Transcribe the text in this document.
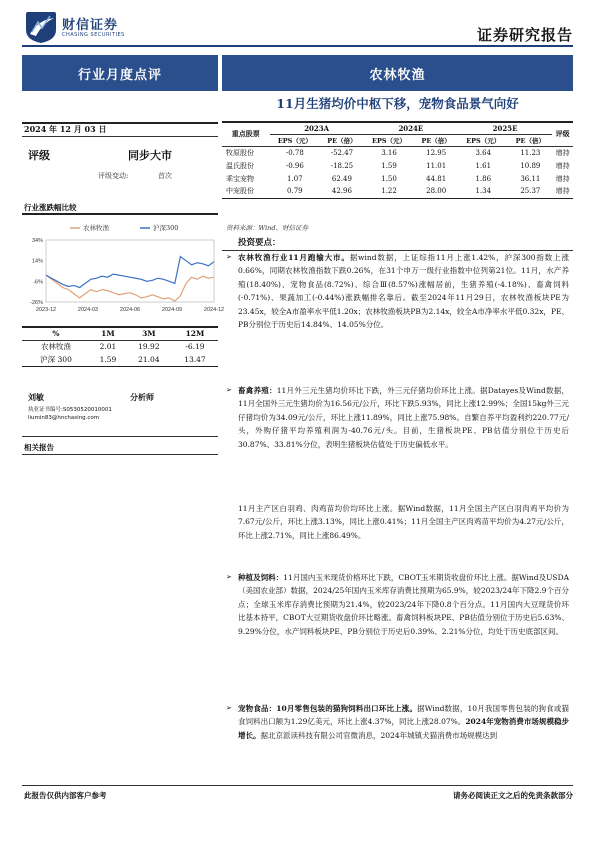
财信证券
CHASING SECURITIES	证券研究报告
行业月度点评	农林牧渔
11月生猪均价中枢下移，宠物食品景气向好
2024 年 12 月 03 日
评级	同步大市
评级变动:	首次
行业涨跌幅比较
34%
14%
-6%
-26%
2023-12	2024-03	2024-06	2024-09	2024-12
农林牧渔	沪深300
%	1M	3M	12M
农林牧渔	2.01	19.92	-6.19
沪深 300	1.59	21.04	13.47
刘敏	分析师
执业证书编号:S0530520010001
liumin83@hnchasing.com
相关报告
重点股票	2023A		2024E		2025E		评级
	EPS（元）	PE（倍）	EPS（元）	PE（倍）	EPS（元）	PE（倍）	
牧原股份	-0.78	-52.47	3.16	12.95	3.64	11.23	增持
温氏股份	-0.96	-18.25	1.59	11.01	1.61	10.89	增持
乖宝宠物	1.07	62.49	1.50	44.81	1.86	36.11	增持
中宠股份	0.79	42.96	1.22	28.00	1.34	25.37	增持
资料来源：Wind、财信证券
投资要点：
➢ 农林牧渔行业11月跑输大市。据wind数据，上证综指11月上涨1.42%，沪深300指数上涨0.66%，同期农林牧渔指数下跌0.26%，在31个申万一级行业指数中位列第21位。11月，水产养殖(18.40%)、宠物食品(8.72%)、综合Ⅲ(8.57%)涨幅居前，生猪养殖(-4.18%)、畜禽饲料(-0.71%)、果蔬加工(-0.44%)涨跌幅排名靠后。截至2024年11月29日，农林牧渔板块PE为23.45x，较全A市盈率水平低1.20x；农林牧渔板块PB为2.14x，较全A市净率水平低0.32x，PE、PB分别位于历史后14.84%、14.05%分位。
➢ 畜禽养殖：11月外三元生猪均价环比下跌，外三元仔猪均价环比上涨。据Datayes及Wind数据，11月全国外三元生猪均价为16.56元/公斤，环比下跌5.93%，同比上涨12.99%；全国15kg外三元仔猪均价为34.09元/公斤，环比上涨11.89%，同比上涨75.98%。自繁自养平均盈利约220.77元/头，外购仔猪平均养殖利润为-40.76元/头。目前，生猪板块PE、PB估值分别位于历史后30.87%、33.81%分位，表明生猪板块估值处于历史偏低水平。
11月主产区白羽鸡、肉鸡苗均价均环比上涨。据Wind数据，11月全国主产区白羽肉鸡平均价为7.67元/公斤，环比上涨3.13%，同比上涨0.41%；11月全国主产区肉鸡苗平均价为4.27元/公斤，环比上涨2.71%，同比上涨86.49%。
➢ 种植及饲料：11月国内玉米现货价格环比下跌，CBOT玉米期货收盘价环比上涨。据Wind及USDA（美国农业部）数据，2024/25年国内玉米库存消费比预期为65.9%，较2023/24年下降2.9个百分点；全球玉米库存消费比预期为21.4%，较2023/24年下降0.8个百分点。11月国内大豆现货价环比基本持平，CBOT大豆期货收盘价环比略涨。畜禽饲料板块PE、PB估值分别位于历史后5.63%、9.29%分位，水产饲料板块PE、PB分别位于历史后0.39%、2.21%分位，均处于历史底部区间。
➢ 宠物食品：10月零售包装的猫狗饲料出口环比上涨。据Wind数据，10月我国零售包装的狗食或猫食饲料出口额为1.29亿美元，环比上涨4.37%，同比上涨28.07%。2024年宠物消费市场规模稳步增长。据北京派读科技有限公司官微消息，2024年城镇犬猫消费市场规模达到
此报告仅供内部客户参考	请务必阅读正文之后的免责条款部分
